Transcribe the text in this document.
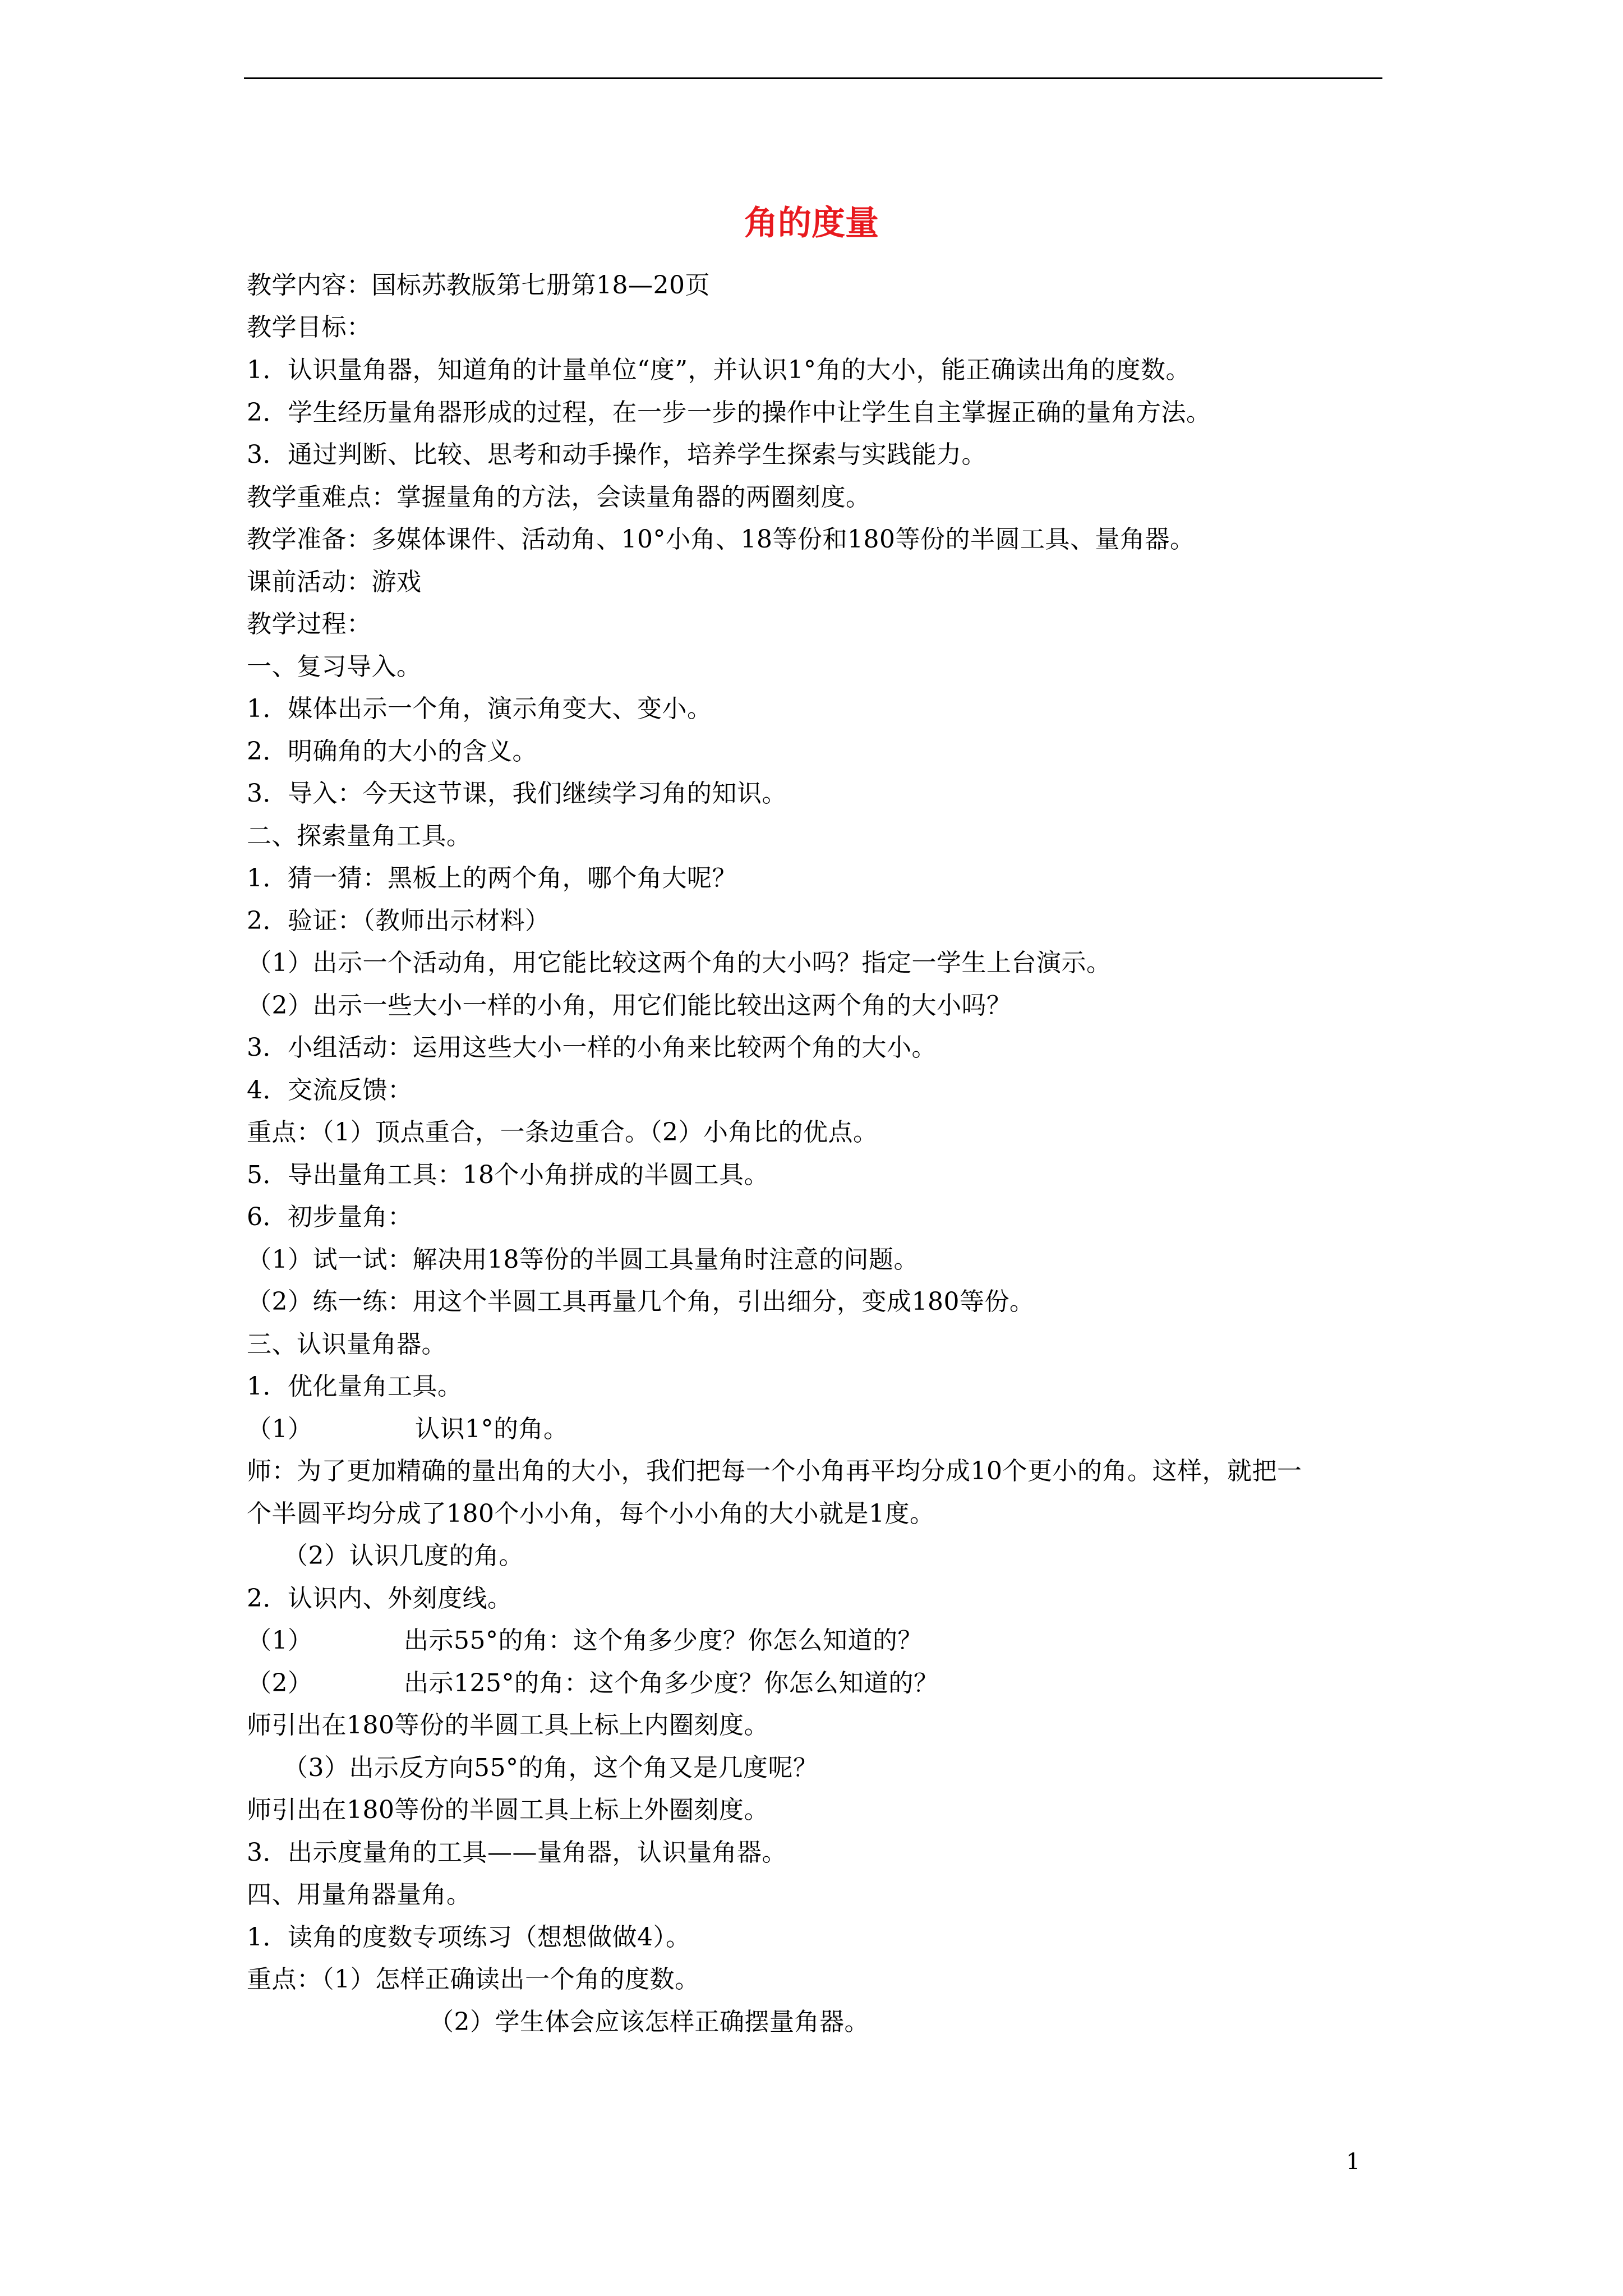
角的度量
教学内容：国标苏教版第七册第18—20页
教学目标：
1．认识量角器，知道角的计量单位“度”，并认识1°角的大小，能正确读出角的度数。
2．学生经历量角器形成的过程，在一步一步的操作中让学生自主掌握正确的量角方法。
3．通过判断、比较、思考和动手操作，培养学生探索与实践能力。
教学重难点：掌握量角的方法，会读量角器的两圈刻度。
教学准备：多媒体课件、活动角、10°小角、18等份和180等份的半圆工具、量角器。
课前活动：游戏
教学过程：
一、复习导入。
1．媒体出示一个角，演示角变大、变小。
2．明确角的大小的含义。
3．导入：今天这节课，我们继续学习角的知识。
二、探索量角工具。
1．猜一猜：黑板上的两个角，哪个角大呢？
2．验证：（教师出示材料）
（1）出示一个活动角，用它能比较这两个角的大小吗？指定一学生上台演示。
（2）出示一些大小一样的小角，用它们能比较出这两个角的大小吗？
3．小组活动：运用这些大小一样的小角来比较两个角的大小。
4．交流反馈：
重点：（1）顶点重合，一条边重合。（2）小角比的优点。
5．导出量角工具：18个小角拼成的半圆工具。
6．初步量角：
（1）试一试：解决用18等份的半圆工具量角时注意的问题。
（2）练一练：用这个半圆工具再量几个角，引出细分，变成180等份。
三、认识量角器。
1．优化量角工具。
（1）	认识1°的角。
师：为了更加精确的量出角的大小，我们把每一个小角再平均分成10个更小的角。这样，就把一
个半圆平均分成了180个小小角，每个小小角的大小就是1度。
（2）认识几度的角。
2．认识内、外刻度线。
（1）	出示55°的角：这个角多少度？你怎么知道的？
（2）	出示125°的角：这个角多少度？你怎么知道的？
师引出在180等份的半圆工具上标上内圈刻度。
（3）出示反方向55°的角，这个角又是几度呢？
师引出在180等份的半圆工具上标上外圈刻度。
3．出示度量角的工具——量角器，认识量角器。
四、用量角器量角。
1．读角的度数专项练习（想想做做4）。
重点：（1）怎样正确读出一个角的度数。
（2）学生体会应该怎样正确摆量角器。
1
